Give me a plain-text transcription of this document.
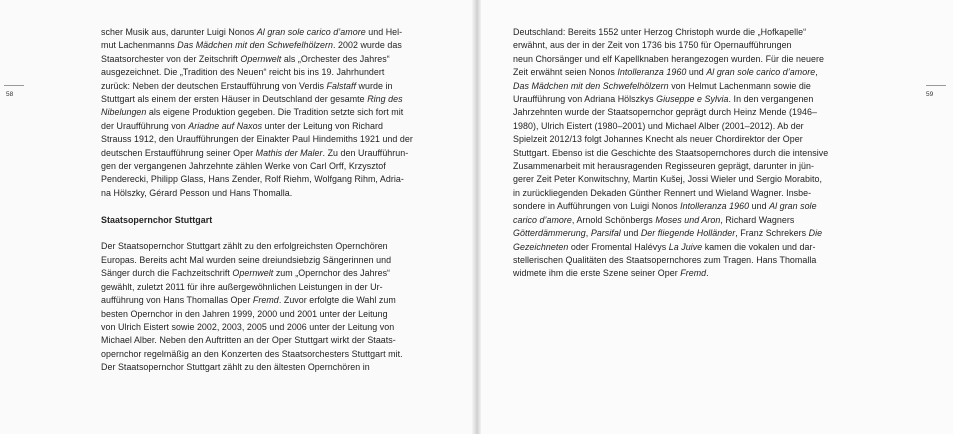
58	59

scher Musik aus, darunter Luigi Nonos Al gran sole carico d’amore und Hel-

mut Lachenmanns Das Mädchen mit den Schwefelhölzern. 2002 wurde das

Staatsorchester von der Zeitschrift Opernwelt als „Orchester des Jahres“

ausgezeichnet. Die „Tradition des Neuen“ reicht bis ins 19. Jahrhundert

zurück: Neben der deutschen Erstaufführung von Verdis Falstaff wurde in

Stuttgart als einem der ersten Häuser in Deutschland der gesamte Ring des

Nibelungen als eigene Produktion gegeben. Die Tradition setzte sich fort mit

der Uraufführung von Ariadne auf Naxos unter der Leitung von Richard

Strauss 1912, den Uraufführungen der Einakter Paul Hindemiths 1921 und der

deutschen Erstaufführung seiner Oper Mathis der Maler. Zu den Uraufführun-

gen der vergangenen Jahrzehnte zählen Werke von Carl Orff, Krzysztof

Penderecki, Philipp Glass, Hans Zender, Rolf Riehm, Wolfgang Rihm, Adria-

na Hölszky, Gérard Pesson und Hans Thomalla.

Staatsopernchor Stuttgart

Der Staatsopernchor Stuttgart zählt zu den erfolgreichsten Opernchören

Europas. Bereits acht Mal wurden seine dreiundsiebzig Sängerinnen und

Sänger durch die Fachzeitschrift Opernwelt zum „Opernchor des Jahres“

gewählt, zuletzt 2011 für ihre außergewöhnlichen Leistungen in der Ur-

aufführung von Hans Thomallas Oper Fremd. Zuvor erfolgte die Wahl zum

besten Opernchor in den Jahren 1999, 2000 und 2001 unter der Leitung

von Ulrich Eistert sowie 2002, 2003, 2005 und 2006 unter der Leitung von

Michael Alber. Neben den Auftritten an der Oper Stuttgart wirkt der Staats-

opernchor regelmäßig an den Konzerten des Staatsorchesters Stuttgart mit.

Der Staatsopernchor Stuttgart zählt zu den ältesten Opernchören in

Deutschland: Bereits 1552 unter Herzog Christoph wurde die „Hofkapelle“

erwähnt, aus der in der Zeit von 1736 bis 1750 für Opernaufführungen

neun Chorsänger und elf Kapellknaben herangezogen wurden. Für die neuere

Zeit erwähnt seien Nonos Intolleranza 1960 und Al gran sole carico d’amore,

Das Mädchen mit den Schwefelhölzern von Helmut Lachenmann sowie die

Uraufführung von Adriana Hölszkys Giuseppe e Sylvia. In den vergangenen

Jahrzehnten wurde der Staatsopernchor geprägt durch Heinz Mende (1946–

1980), Ulrich Eistert (1980–2001) und Michael Alber (2001–2012). Ab der

Spielzeit 2012/13 folgt Johannes Knecht als neuer Chordirektor der Oper

Stuttgart. Ebenso ist die Geschichte des Staatsopernchores durch die intensive

Zusammenarbeit mit herausragenden Regisseuren geprägt, darunter in jün-

gerer Zeit Peter Konwitschny, Martin Kušej, Jossi Wieler und Sergio Morabito,

in zurückliegenden Dekaden Günther Rennert und Wieland Wagner. Insbe-

sondere in Aufführungen von Luigi Nonos Intolleranza 1960 und Al gran sole

carico d’amore, Arnold Schönbergs Moses und Aron, Richard Wagners

Götterdämmerung, Parsifal und Der fliegende Holländer, Franz Schrekers Die

Gezeichneten oder Fromental Halévys La Juive kamen die vokalen und dar-

stellerischen Qualitäten des Staatsopernchores zum Tragen. Hans Thomalla

widmete ihm die erste Szene seiner Oper Fremd.
